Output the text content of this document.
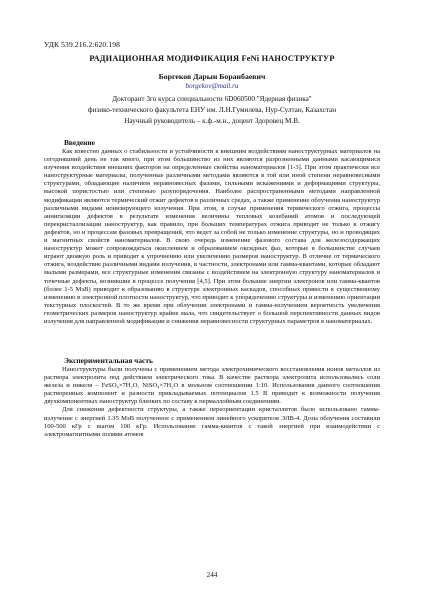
УДК 539.216.2:620.198
РАДИАЦИОННАЯ МОДИФИКАЦИЯ FeNi НАНОСТРУКТУР
Боргеков Дарын Боранбаевич
borgekov@mail.ru
Докторант 3го курса специальности 6D060500 "Ядерная физика"
физико-технического факультета ЕНУ им. Л.Н.Гумилева, Нур-Султан, Казахстан
Научный руководитель – к.ф.-м.н., доцент Здоровец М.В.
Введение

Как известно данных о стабильности и устойчивости к внешним воздействиям наноструктурных материалов на сегодняшний день не так много, при этом большинство из них являются разрозненными данными касающимися изучения воздействия внешних факторов на определенные свойства наноматериалов [1-3]. При этом практически все наноструктурные материалы, полученные различными методами являются в той или иной степени неравновесными структурами, обладающие наличием неравновесных фазами, сильными искажениями и деформациями структуры, высокой пористостью или степенью разупорядочения. Наиболее распространенными методами направленной модификации являются термический отжиг дефектов в различных средах, а также применение облучения наноструктур различными видами ионизирующего излучения. При этом, в случае применения термического отжига, процессы аннигиляции дефектов в результате изменения величины тепловых колебаний атомов и последующей перекристаллизации наноструктур, как правило, при больших температурах отжига приводят не только к отжигу дефектов, но и процессам фазовых превращений, что ведет за собой не только изменение структуры, но и проводящих и магнитных свойств наноматериалов. В свою очередь изменение фазового состава для железосодержащих наноструктур может сопровождаться окислением и образованием оксидных фаз, которые в большинстве случаев играют двоякую роль и приводят к упрочнению или увеличению размеров наноструктур. В отличие от термического отжига, воздействие различными видами излучения, в частности, электронами или гамма-квантами, которые обладают малыми размерами, все структурные изменения связаны с воздействием на электронную структуру наноматериалов и точечные дефекты, возникшие в процессе получения [4,5]. При этом большие энергии электронов или гамма-квантов (более 1-5 МэВ) приводит к образованию в структуре электронных каскадов, способных привести к существенному изменению в электронной плотности наноструктур, что приводит к упорядочению структуры и изменению ориентации текстурных плоскостей. В то же время при облучении электронами и гамма-излучением вероятность увеличения геометрических размеров наноструктур крайне мала, что свидетельствует о большой перспективности данных видов излучения для направленной модификации и снижения неравновесности структурных параметров в наноматериалах.

Экспериментальная часть

Наноструктуры были получены с применением метода электрохимического восстановления ионов металлов из раствора электролита под действием электрического тока. В качестве раствора электролита использовались соли железа и никеля – FeSO₄×7H₂O, NiSO₄×7H₂O в мольном соотношении 1:10. Использования данного соотношения растворенных компонент и разности прикладываемых потенциалов 1.5 В приводит к возможности получения двухкомпонентных наноструктур близких по составу к пермаллойным соединениям.

Для снижения дефектности структуры, а также переориентации кристаллитов было использовано гамма-излучение с энергией 1.35 МэВ полученное с применением линейного ускорителя ЭЛВ-4. Дозы облучения составили 100-500 кГр с шагом 100 кГр. Использование гамма-квантов с такой энергией при взаимодействии с электромагнитными полями атомов

244
